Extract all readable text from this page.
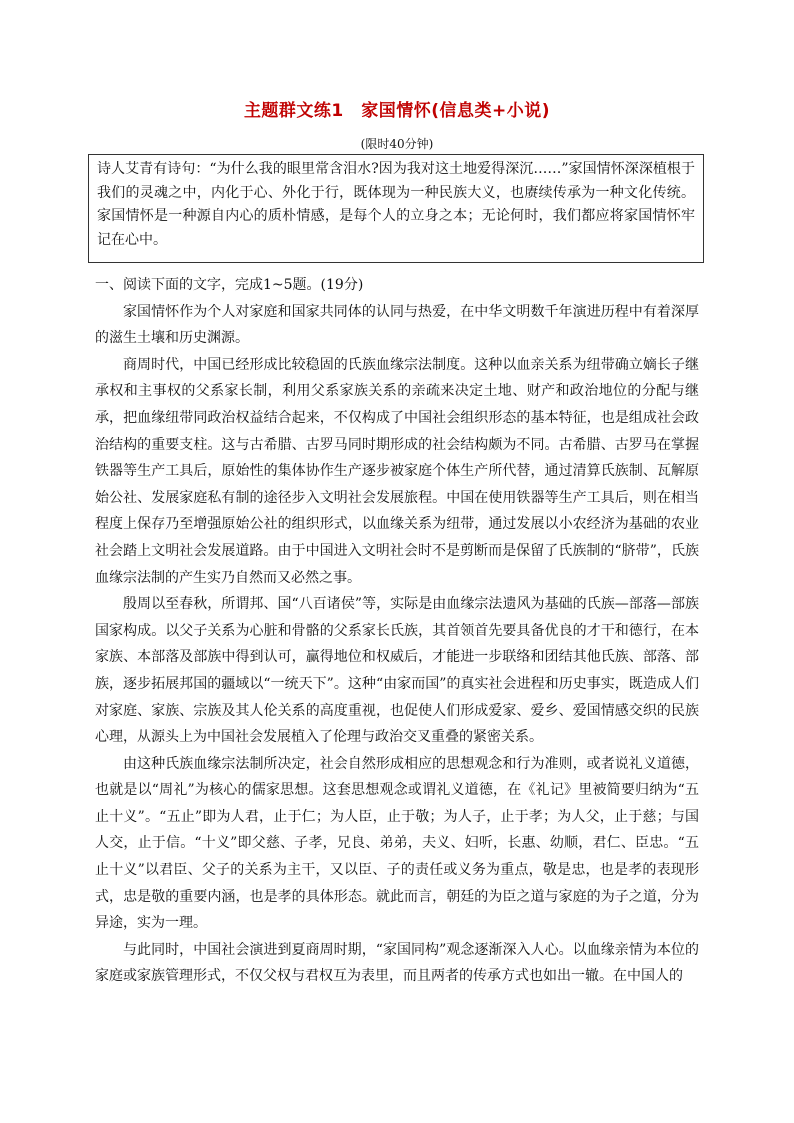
主题群文练1　家国情怀(信息类+小说)
(限时40分钟)
诗人艾青有诗句：“为什么我的眼里常含泪水?因为我对这土地爱得深沉……”家国情怀深深植根于我们的灵魂之中，内化于心、外化于行，既体现为一种民族大义，也赓续传承为一种文化传统。家国情怀是一种源自内心的质朴情感，是每个人的立身之本；无论何时，我们都应将家国情怀牢记在心中。

一、阅读下面的文字，完成1~5题。(19分)

家国情怀作为个人对家庭和国家共同体的认同与热爱，在中华文明数千年演进历程中有着深厚的滋生土壤和历史渊源。

商周时代，中国已经形成比较稳固的氏族血缘宗法制度。这种以血亲关系为纽带确立嫡长子继承权和主事权的父系家长制，利用父系家族关系的亲疏来决定土地、财产和政治地位的分配与继承，把血缘纽带同政治权益结合起来，不仅构成了中国社会组织形态的基本特征，也是组成社会政治结构的重要支柱。这与古希腊、古罗马同时期形成的社会结构颇为不同。古希腊、古罗马在掌握铁器等生产工具后，原始性的集体协作生产逐步被家庭个体生产所代替，通过清算氏族制、瓦解原始公社、发展家庭私有制的途径步入文明社会发展旅程。中国在使用铁器等生产工具后，则在相当程度上保存乃至增强原始公社的组织形式，以血缘关系为纽带，通过发展以小农经济为基础的农业社会踏上文明社会发展道路。由于中国进入文明社会时不是剪断而是保留了氏族制的“脐带”，氏族血缘宗法制的产生实乃自然而又必然之事。

殷周以至春秋，所谓邦、国“八百诸侯”等，实际是由血缘宗法遗风为基础的氏族—部落—部族国家构成。以父子关系为心脏和骨骼的父系家长氏族，其首领首先要具备优良的才干和德行，在本家族、本部落及部族中得到认可，赢得地位和权威后，才能进一步联络和团结其他氏族、部落、部族，逐步拓展邦国的疆域以“一统天下”。这种“由家而国”的真实社会进程和历史事实，既造成人们对家庭、家族、宗族及其人伦关系的高度重视，也促使人们形成爱家、爱乡、爱国情感交织的民族心理，从源头上为中国社会发展植入了伦理与政治交叉重叠的紧密关系。

由这种氏族血缘宗法制所决定，社会自然形成相应的思想观念和行为准则，或者说礼义道德，也就是以“周礼”为核心的儒家思想。这套思想观念或谓礼义道德，在《礼记》里被简要归纳为“五止十义”。“五止”即为人君，止于仁；为人臣，止于敬；为人子，止于孝；为人父，止于慈；与国人交，止于信。“十义”即父慈、子孝，兄良、弟弟，夫义、妇听，长惠、幼顺，君仁、臣忠。“五止十义”以君臣、父子的关系为主干，又以臣、子的责任或义务为重点，敬是忠，也是孝的表现形式，忠是敬的重要内涵，也是孝的具体形态。就此而言，朝廷的为臣之道与家庭的为子之道，分为异途，实为一理。

与此同时，中国社会演进到夏商周时期，“家国同构”观念逐渐深入人心。以血缘亲情为本位的家庭或家族管理形式，不仅父权与君权互为表里，而且两者的传承方式也如出一辙。在中国人的
